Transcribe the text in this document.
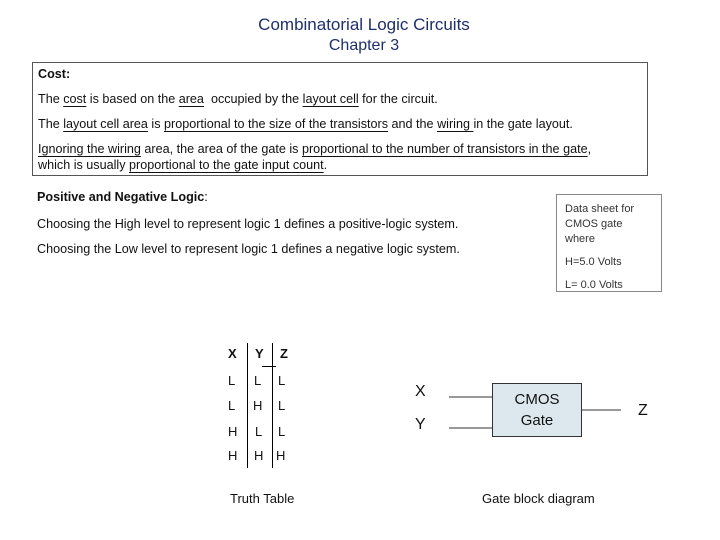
Combinatorial Logic Circuits
Chapter 3

Cost:

The cost is based on the area  occupied by the layout cell for the circuit.

The layout cell area is proportional to the size of the transistors and the wiring in the gate layout.

Ignoring the wiring area, the area of the gate is proportional to the number of transistors in the gate,

which is usually proportional to the gate input count.

Positive and Negative Logic:

Choosing the High level to represent logic 1 defines a positive-logic system.

Choosing the Low level to represent logic 1 defines a negative logic system.

Data sheet for
CMOS gate
where
H=5.0 Volts
L= 0.0 Volts
X Y Z
L L L
L H L
H L L
H H H
Truth Table
X
Y
CMOS
Gate
Z
Gate block diagram
